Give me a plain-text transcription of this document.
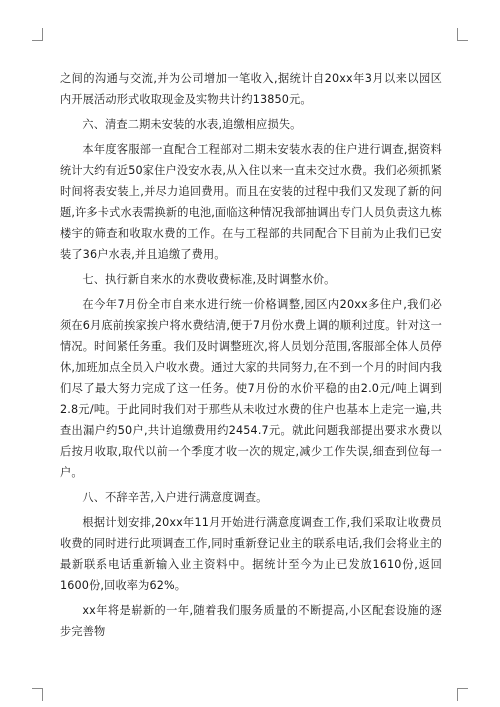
之间的沟通与交流,并为公司增加一笔收入,据统计自20xx年3月以来以园区内开展活动形式收取现金及实物共计约13850元。

六、清查二期未安装的水表,追缴相应损失。

本年度客服部一直配合工程部对二期未安装水表的住户进行调查,据资料统计大约有近50家住户没安水表,从入住以来一直未交过水费。我们必须抓紧时间将表安装上,并尽力追回费用。而且在安装的过程中我们又发现了新的问题,许多卡式水表需换新的电池,面临这种情况我部抽调出专门人员负责这九栋楼宇的筛查和收取水费的工作。在与工程部的共同配合下目前为止我们已安装了36户水表,并且追缴了费用。

七、执行新自来水的水费收费标准,及时调整水价。

在今年7月份全市自来水进行统一价格调整,园区内20xx多住户,我们必须在6月底前挨家挨户将水费结清,便于7月份水费上调的顺利过度。针对这一情况。时间紧任务重。我们及时调整班次,将人员划分范围,客服部全体人员停休,加班加点全员入户收水费。通过大家的共同努力,在不到一个月的时间内我们尽了最大努力完成了这一任务。使7月份的水价平稳的由2.0元/吨上调到2.8元/吨。于此同时我们对于那些从未收过水费的住户也基本上走完一遍,共查出漏户约50户,共计追缴费用约2454.7元。就此问题我部提出要求水费以后按月收取,取代以前一个季度才收一次的规定,减少工作失误,细查到位每一户。

八、不辞辛苦,入户进行满意度调查。

根据计划安排,20xx年11月开始进行满意度调查工作,我们采取让收费员收费的同时进行此项调查工作,同时重新登记业主的联系电话,我们会将业主的最新联系电话重新输入业主资料中。据统计至今为止已发放1610份,返回1600份,回收率为62%。

xx年将是崭新的一年,随着我们服务质量的不断提高,小区配套设施的逐步完善物
